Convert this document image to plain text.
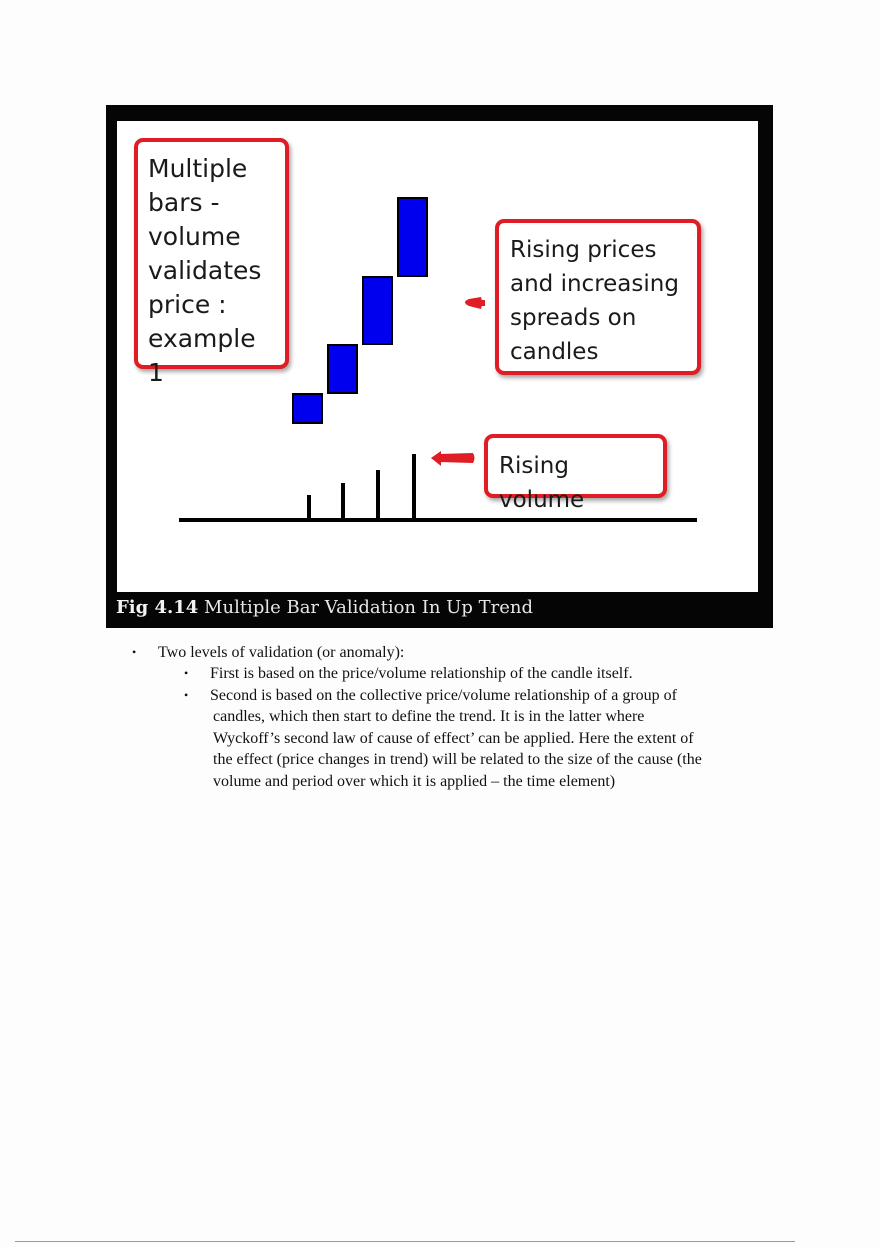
Multiple
bars -
volume
validates
price :
example 1
Rising prices
and increasing
spreads on
candles
Rising volume
Fig 4.14 Multiple Bar Validation In Up Trend
• Two levels of validation (or anomaly):
• First is based on the price/volume relationship of the candle itself.
• Second is based on the collective price/volume relationship of a group of
candles, which then start to define the trend. It is in the latter where
Wyckoff’s second law of cause of effect’ can be applied. Here the extent of
the effect (price changes in trend) will be related to the size of the cause (the
volume and period over which it is applied – the time element)
